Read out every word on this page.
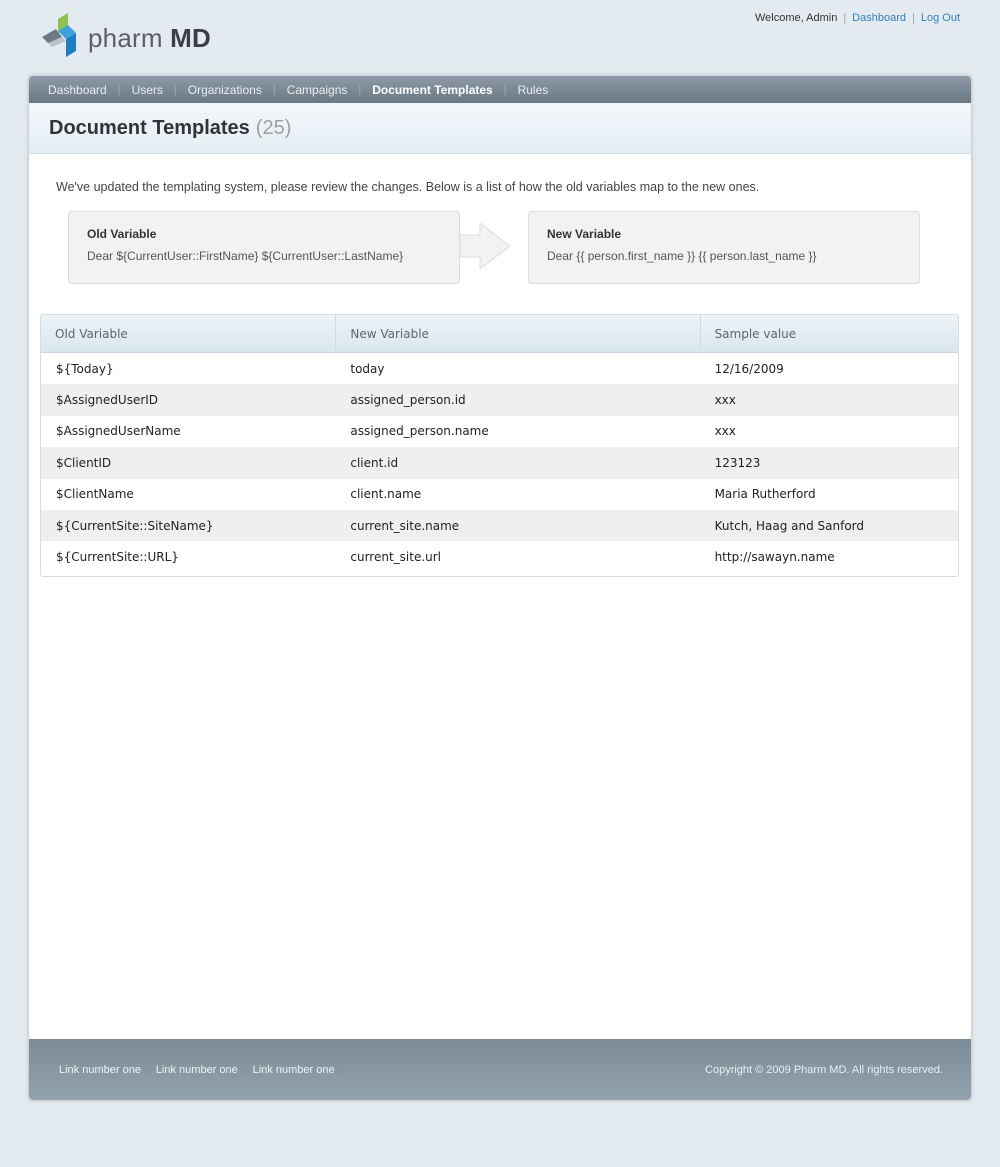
pharm MD
Welcome, Admin | Dashboard | Log Out
Dashboard | Users | Organizations | Campaigns | Document Templates | Rules
Document Templates (25)

We've updated the templating system, please review the changes. Below is a list of how the old variables map to the new ones.

Old Variable
Dear ${CurrentUser::FirstName} ${CurrentUser::LastName}
New Variable
Dear {{ person.first_name }} {{ person.last_name }}
Old Variable	New Variable	Sample value
${Today}	today	12/16/2009
$AssignedUserID	assigned_person.id	xxx
$AssignedUserName	assigned_person.name	xxx
$ClientID	client.id	123123
$ClientName	client.name	Maria Rutherford
${CurrentSite::SiteName}	current_site.name	Kutch, Haag and Sanford
${CurrentSite::URL}	current_site.url	http://sawayn.name
Link number one | Link number one | Link number one |	Copyright © 2009 Pharm MD. All rights reserved.
